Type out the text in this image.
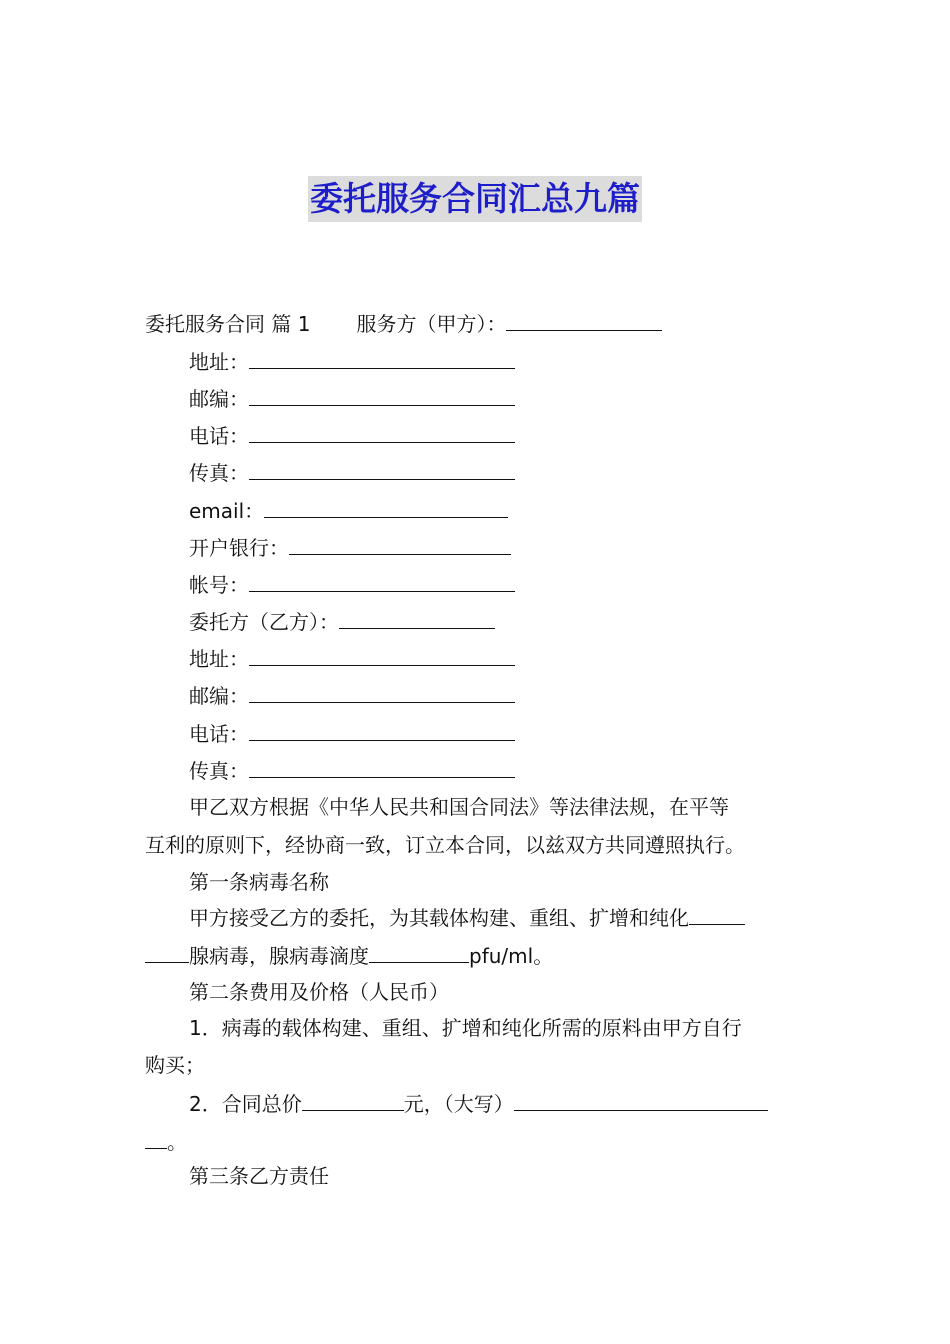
委托服务合同汇总九篇
委托服务合同 篇 1 服务方（甲方）：
地址：
邮编：
电话：
传真：
email：
开户银行：
帐号：
委托方（乙方）：
地址：
邮编：
电话：
传真：
甲乙双方根据《中华人民共和国合同法》等法律法规，在平等
互利的原则下，经协商一致，订立本合同，以兹双方共同遵照执行。
第一条病毒名称
甲方接受乙方的委托，为其载体构建、重组、扩增和纯化
腺病毒，腺病毒滴度	pfu/ml。
第二条费用及价格（人民币）
1．病毒的载体构建、重组、扩增和纯化所需的原料由甲方自行
购买；
2．合同总价	元，（大写）
。
第三条乙方责任
